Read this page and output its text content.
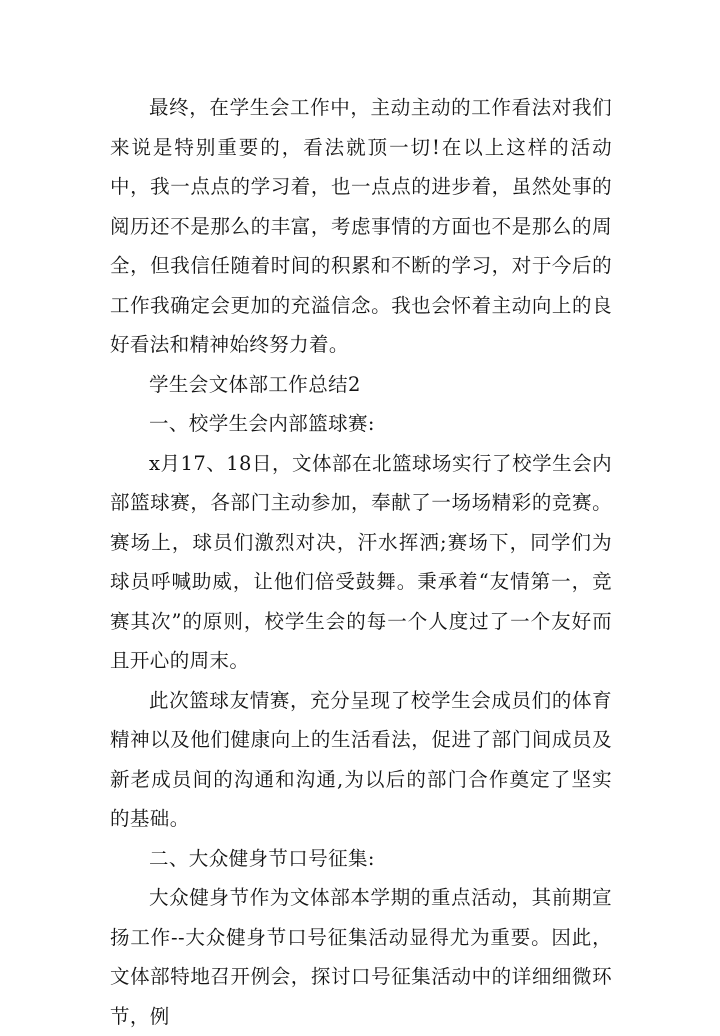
最终，在学生会工作中，主动主动的工作看法对我们来说是特别重要的，看法就顶一切!在以上这样的活动中，我一点点的学习着，也一点点的进步着，虽然处事的阅历还不是那么的丰富，考虑事情的方面也不是那么的周全，但我信任随着时间的积累和不断的学习，对于今后的工作我确定会更加的充溢信念。我也会怀着主动向上的良好看法和精神始终努力着。

学生会文体部工作总结2

一、校学生会内部篮球赛:

x月17、18日，文体部在北篮球场实行了校学生会内部篮球赛，各部门主动参加，奉献了一场场精彩的竞赛。赛场上，球员们激烈对决，汗水挥洒;赛场下，同学们为球员呼喊助威，让他们倍受鼓舞。秉承着“友情第一，竞赛其次”的原则，校学生会的每一个人度过了一个友好而且开心的周末。

此次篮球友情赛，充分呈现了校学生会成员们的体育精神以及他们健康向上的生活看法，促进了部门间成员及新老成员间的沟通和沟通,为以后的部门合作奠定了坚实的基础。

二、大众健身节口号征集:

大众健身节作为文体部本学期的重点活动，其前期宣扬工作--大众健身节口号征集活动显得尤为重要。因此，文体部特地召开例会，探讨口号征集活动中的详细细微环节，例
